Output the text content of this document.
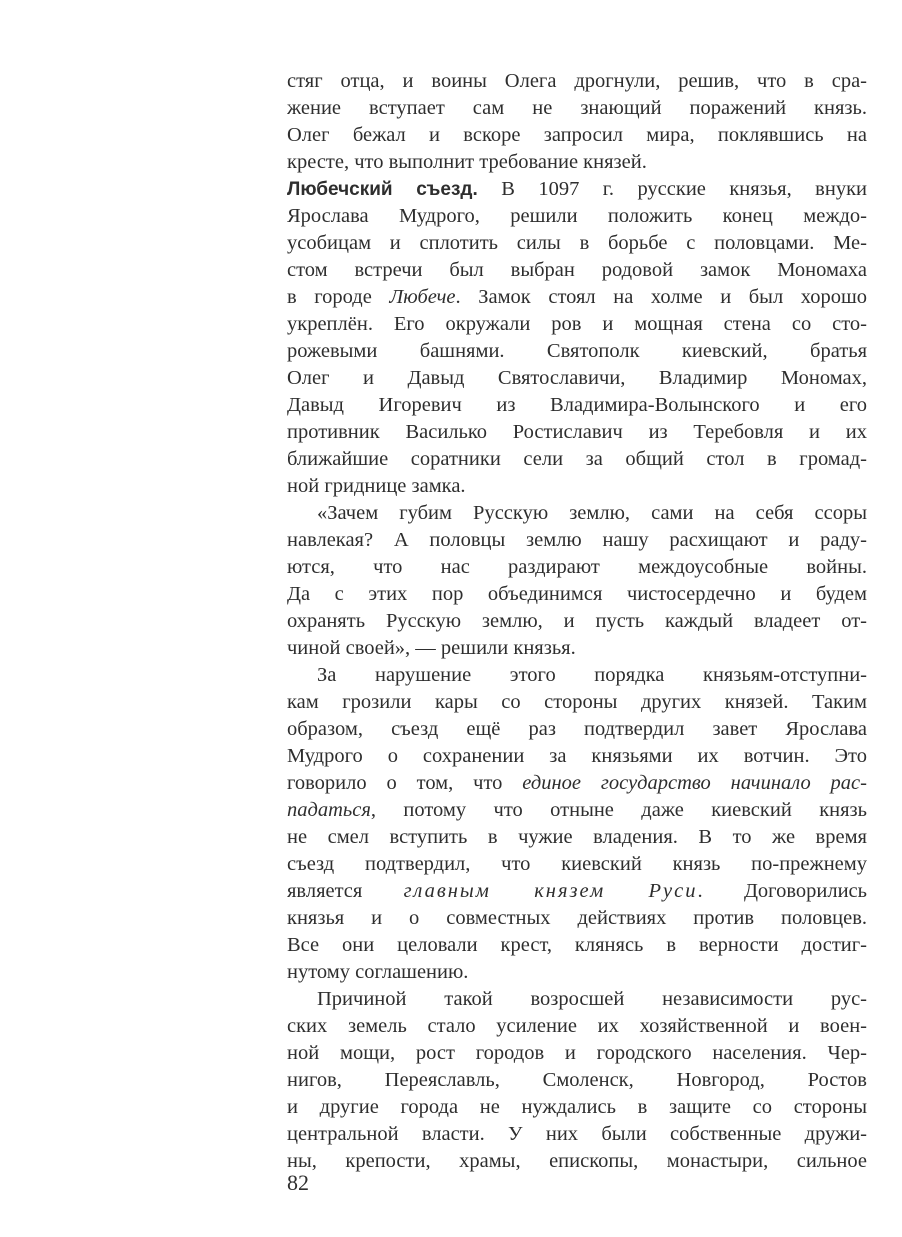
стяг отца, и воины Олега дрогнули, решив, что в сра-
жение вступает сам не знающий поражений князь.
Олег бежал и вскоре запросил мира, поклявшись на
кресте, что выполнит требование князей.
Любечский съезд. В 1097 г. русские князья, внуки
Ярослава Мудрого, решили положить конец междо-
усобицам и сплотить силы в борьбе с половцами. Ме-
стом встречи был выбран родовой замок Мономаха
в городе Любече. Замок стоял на холме и был хорошо
укреплён. Его окружали ров и мощная стена со сто-
рожевыми башнями. Святополк киевский, братья
Олег и Давыд Святославичи, Владимир Мономах,
Давыд Игоревич из Владимира-Волынского и его
противник Василько Ростиславич из Теребовля и их
ближайшие соратники сели за общий стол в громад-
ной гриднице замка.
«Зачем губим Русскую землю, сами на себя ссоры
навлекая? А половцы землю нашу расхищают и раду-
ются, что нас раздирают междоусобные войны.
Да с этих пор объединимся чистосердечно и будем
охранять Русскую землю, и пусть каждый владеет от-
чиной своей», — решили князья.
За нарушение этого порядка князьям-отступни-
кам грозили кары со стороны других князей. Таким
образом, съезд ещё раз подтвердил завет Ярослава
Мудрого о сохранении за князьями их вотчин. Это
говорило о том, что единое государство начинало рас-
падаться, потому что отныне даже киевский князь
не смел вступить в чужие владения. В то же время
съезд подтвердил, что киевский князь по-прежнему
является главным князем Руси. Договорились
князья и о совместных действиях против половцев.
Все они целовали крест, клянясь в верности достиг-
нутому соглашению.
Причиной такой возросшей независимости рус-
ских земель стало усиление их хозяйственной и воен-
ной мощи, рост городов и городского населения. Чер-
нигов, Переяславль, Смоленск, Новгород, Ростов
и другие города не нуждались в защите со стороны
центральной власти. У них были собственные дружи-
ны, крепости, храмы, епископы, монастыри, сильное
82
